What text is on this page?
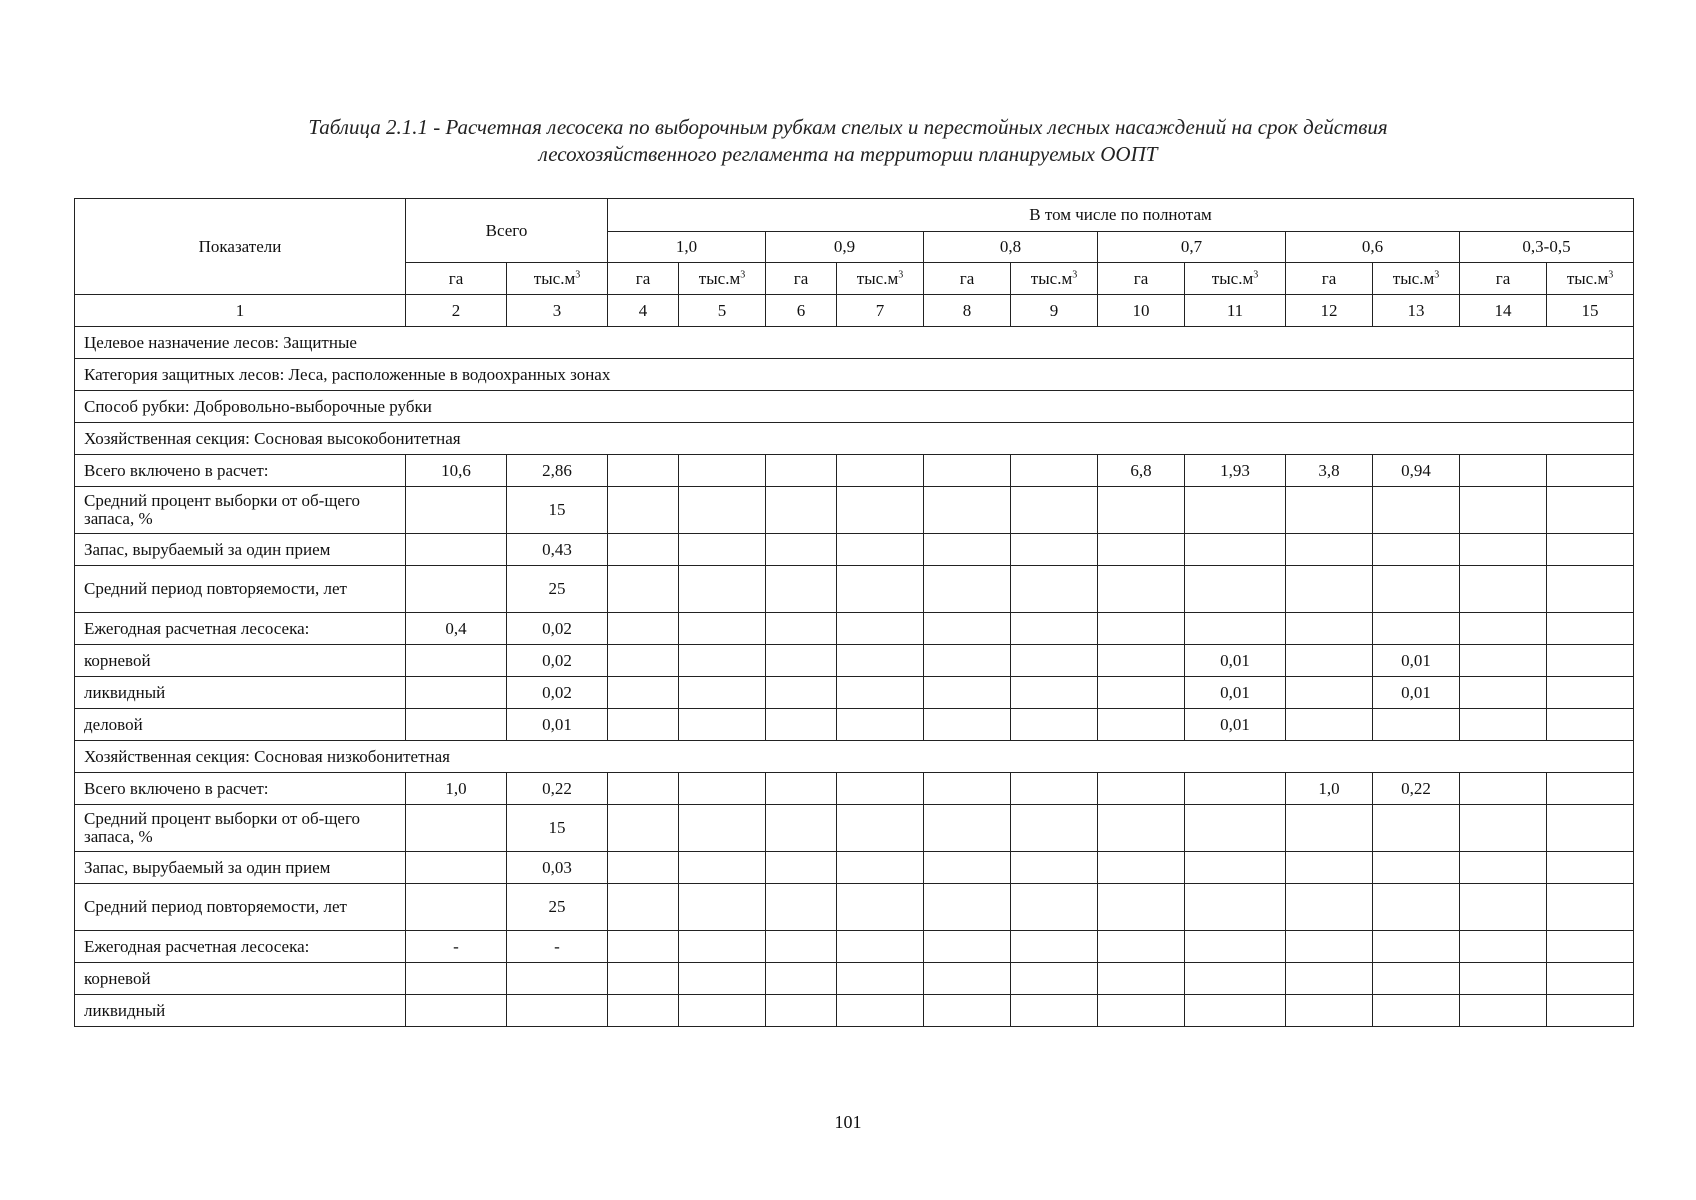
Таблица 2.1.1 - Расчетная лесосека по выборочным рубкам спелых и перестойных лесных насаждений на срок действия
лесохозяйственного регламента на территории планируемых ООПТ
Показатели	Всего		В том числе по полнотам											
			1,0		0,9		0,8		0,7		0,6		0,3-0,5	
	га	$тыс.м^3$	га	$тыс.м^3$	га	$тыс.м^3$	га	$тыс.м^3$	га	$тыс.м^3$	га	$тыс.м^3$	га	$тыс.м^3$
1	2	3	4	5	6	7	8	9	10	11	12	13	14	15
Целевое назначение лесов: Защитные														
Категория защитных лесов: Леса, расположенные в водоохранных зонах														
Способ рубки: Добровольно-выборочные рубки														
Хозяйственная секция: Сосновая высокобонитетная														
Всего включено в расчет:	10,6	2,86							6,8	1,93	3,8	0,94		
Средний процент выборки от об-щего запаса, %		15												
Запас, вырубаемый за один прием		0,43												
Средний период повторяемости, лет		25												
Ежегодная расчетная лесосека:	0,4	0,02												
корневой		0,02								0,01		0,01		
ликвидный		0,02								0,01		0,01		
деловой		0,01								0,01				
Хозяйственная секция: Сосновая низкобонитетная														
Всего включено в расчет:	1,0	0,22									1,0	0,22		
Средний процент выборки от об-щего запаса, %		15												
Запас, вырубаемый за один прием		0,03												
Средний период повторяемости, лет		25												
Ежегодная расчетная лесосека:	-	-												
корневой														
ликвидный														
101
